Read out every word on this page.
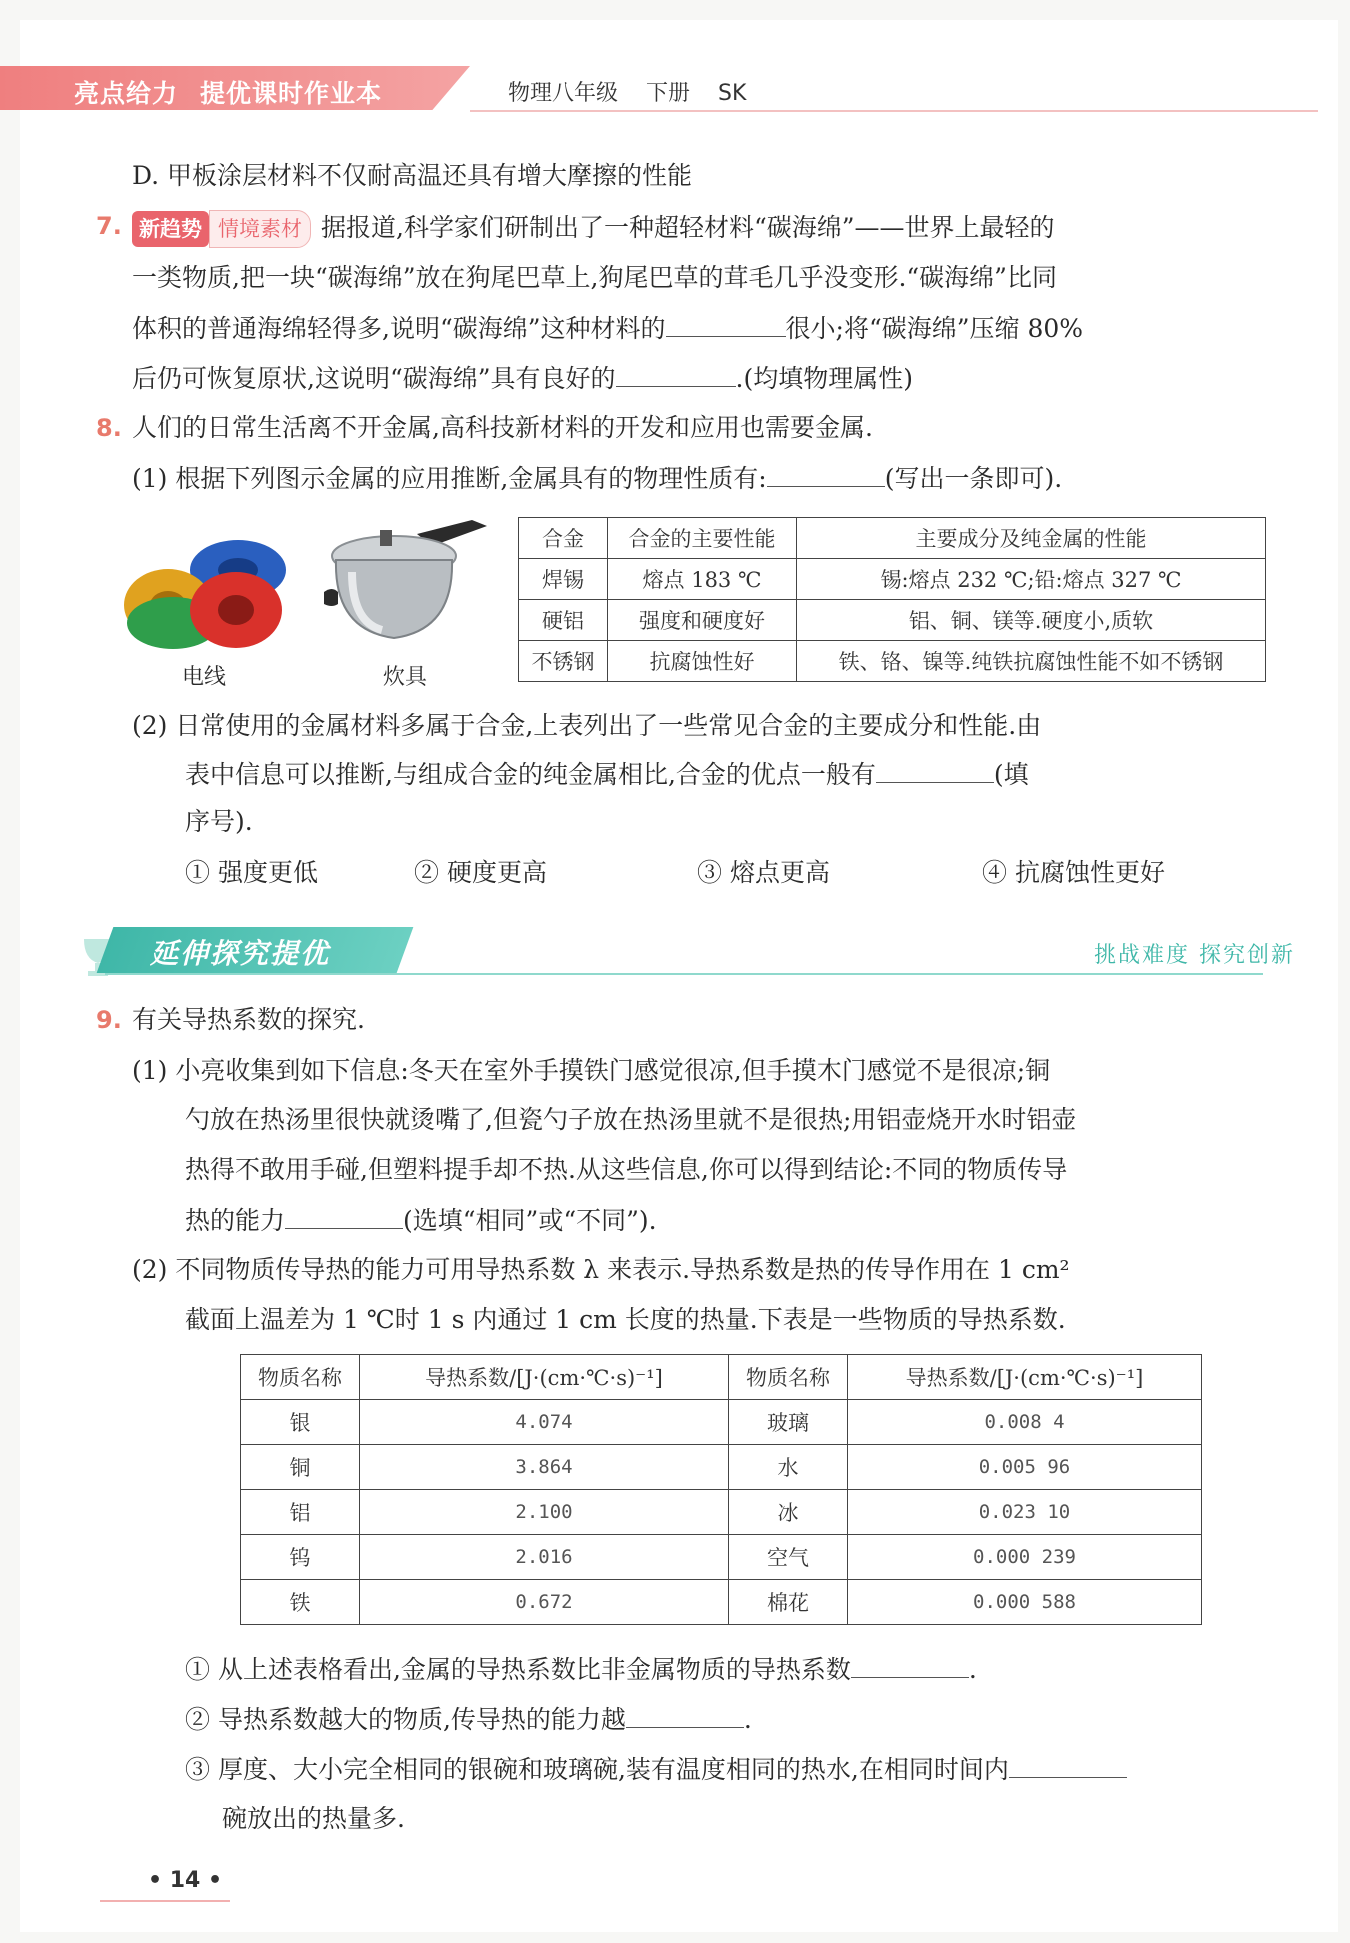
亮点给力 提优课时作业本	物理八年级 下册 SK
D. 甲板涂层材料不仅耐高温还具有增大摩擦的性能
7. 新趋势 情境素材 据报道,科学家们研制出了一种超轻材料“碳海绵”——世界上最轻的
一类物质,把一块“碳海绵”放在狗尾巴草上,狗尾巴草的茸毛几乎没变形.“碳海绵”比同
体积的普通海绵轻得多,说明“碳海绵”这种材料的	很小;将“碳海绵”压缩 80%
后仍可恢复原状,这说明“碳海绵”具有良好的	.(均填物理属性)
8. 人们的日常生活离不开金属,高科技新材料的开发和应用也需要金属.
(1) 根据下列图示金属的应用推断,金属具有的物理性质有:	(写出一条即可).
电线	炊具
合金	合金的主要性能	主要成分及纯金属的性能
焊锡	熔点 183 ℃	锡:熔点 232 ℃;铅:熔点 327 ℃
硬铝	强度和硬度好	铝、铜、镁等.硬度小,质软
不锈钢	抗腐蚀性好	铁、铬、镍等.纯铁抗腐蚀性能不如不锈钢
(2) 日常使用的金属材料多属于合金,上表列出了一些常见合金的主要成分和性能.由
表中信息可以推断,与组成合金的纯金属相比,合金的优点一般有	(填
序号).
① 强度更低	② 硬度更高	③ 熔点更高	④ 抗腐蚀性更好
延伸探究提优	挑战难度 探究创新
9. 有关导热系数的探究.
(1) 小亮收集到如下信息:冬天在室外手摸铁门感觉很凉,但手摸木门感觉不是很凉;铜
勺放在热汤里很快就烫嘴了,但瓷勺子放在热汤里就不是很热;用铝壶烧开水时铝壶
热得不敢用手碰,但塑料提手却不热.从这些信息,你可以得到结论:不同的物质传导
热的能力	(选填“相同”或“不同”).
(2) 不同物质传导热的能力可用导热系数 λ 来表示.导热系数是热的传导作用在 1 cm²
截面上温差为 1 ℃时 1 s 内通过 1 cm 长度的热量.下表是一些物质的导热系数.
物质名称	导热系数/[J·(cm·℃·s)⁻¹]	物质名称	导热系数/[J·(cm·℃·s)⁻¹]
银	4.074	玻璃	0.008 4
铜	3.864	水	0.005 96
铝	2.100	冰	0.023 10
钨	2.016	空气	0.000 239
铁	0.672	棉花	0.000 588
① 从上述表格看出,金属的导热系数比非金属物质的导热系数	.
② 导热系数越大的物质,传导热的能力越	.
③ 厚度、大小完全相同的银碗和玻璃碗,装有温度相同的热水,在相同时间内
碗放出的热量多.
• 14 •
